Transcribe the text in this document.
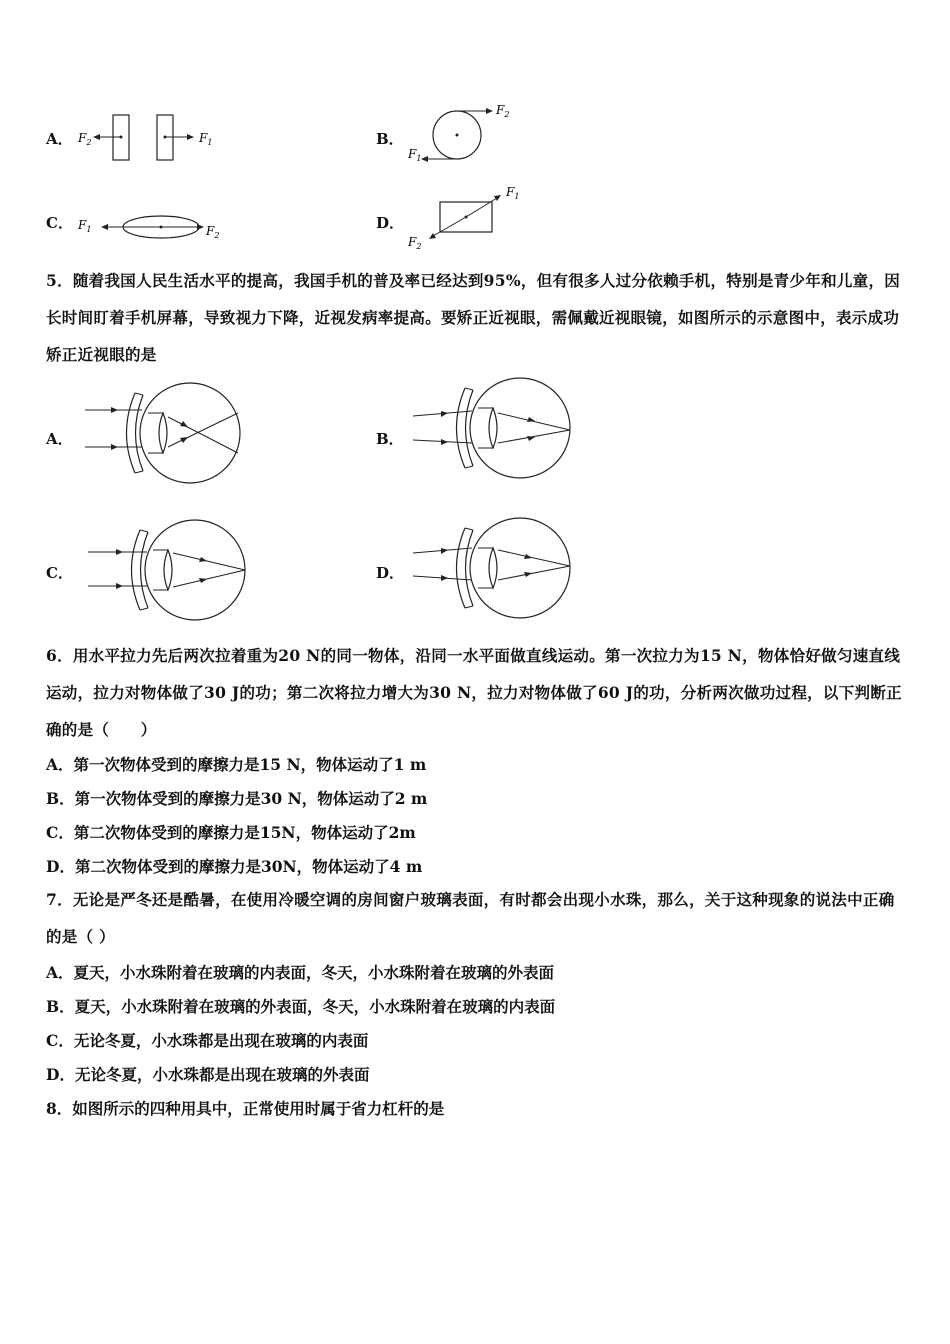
A． $F_2$	$F_1$	B．
$F_2$
$F_1$
C． $F_1$	$F_2$
D．
$F_1$
$F_2$
5．随着我国人民生活水平的提高，我国手机的普及率已经达到95%，但有很多人过分依赖手机，特别是青少年和儿童，因长时间盯着手机屏幕，导致视力下降，近视发病率提高。要矫正近视眼，需佩戴近视眼镜，如图所示的示意图中，表示成功矫正近视眼的是
A．	B．
C．	D．
6．用水平拉力先后两次拉着重为20 N的同一物体，沿同一水平面做直线运动。第一次拉力为15 N，物体恰好做匀速直线运动，拉力对物体做了30 J的功；第二次将拉力增大为30 N，拉力对物体做了60 J的功，分析两次做功过程，以下判断正确的是（　　）
A．第一次物体受到的摩擦力是15 N，物体运动了1 m
B．第一次物体受到的摩擦力是30 N，物体运动了2 m
C．第二次物体受到的摩擦力是15N，物体运动了2m
D．第二次物体受到的摩擦力是30N，物体运动了4 m
7．无论是严冬还是酷暑，在使用冷暖空调的房间窗户玻璃表面，有时都会出现小水珠，那么，关于这种现象的说法中正确的是（ ）
A．夏天，小水珠附着在玻璃的内表面，冬天，小水珠附着在玻璃的外表面
B．夏天，小水珠附着在玻璃的外表面，冬天，小水珠附着在玻璃的内表面
C．无论冬夏，小水珠都是出现在玻璃的内表面
D．无论冬夏，小水珠都是出现在玻璃的外表面
8．如图所示的四种用具中，正常使用时属于省力杠杆的是
